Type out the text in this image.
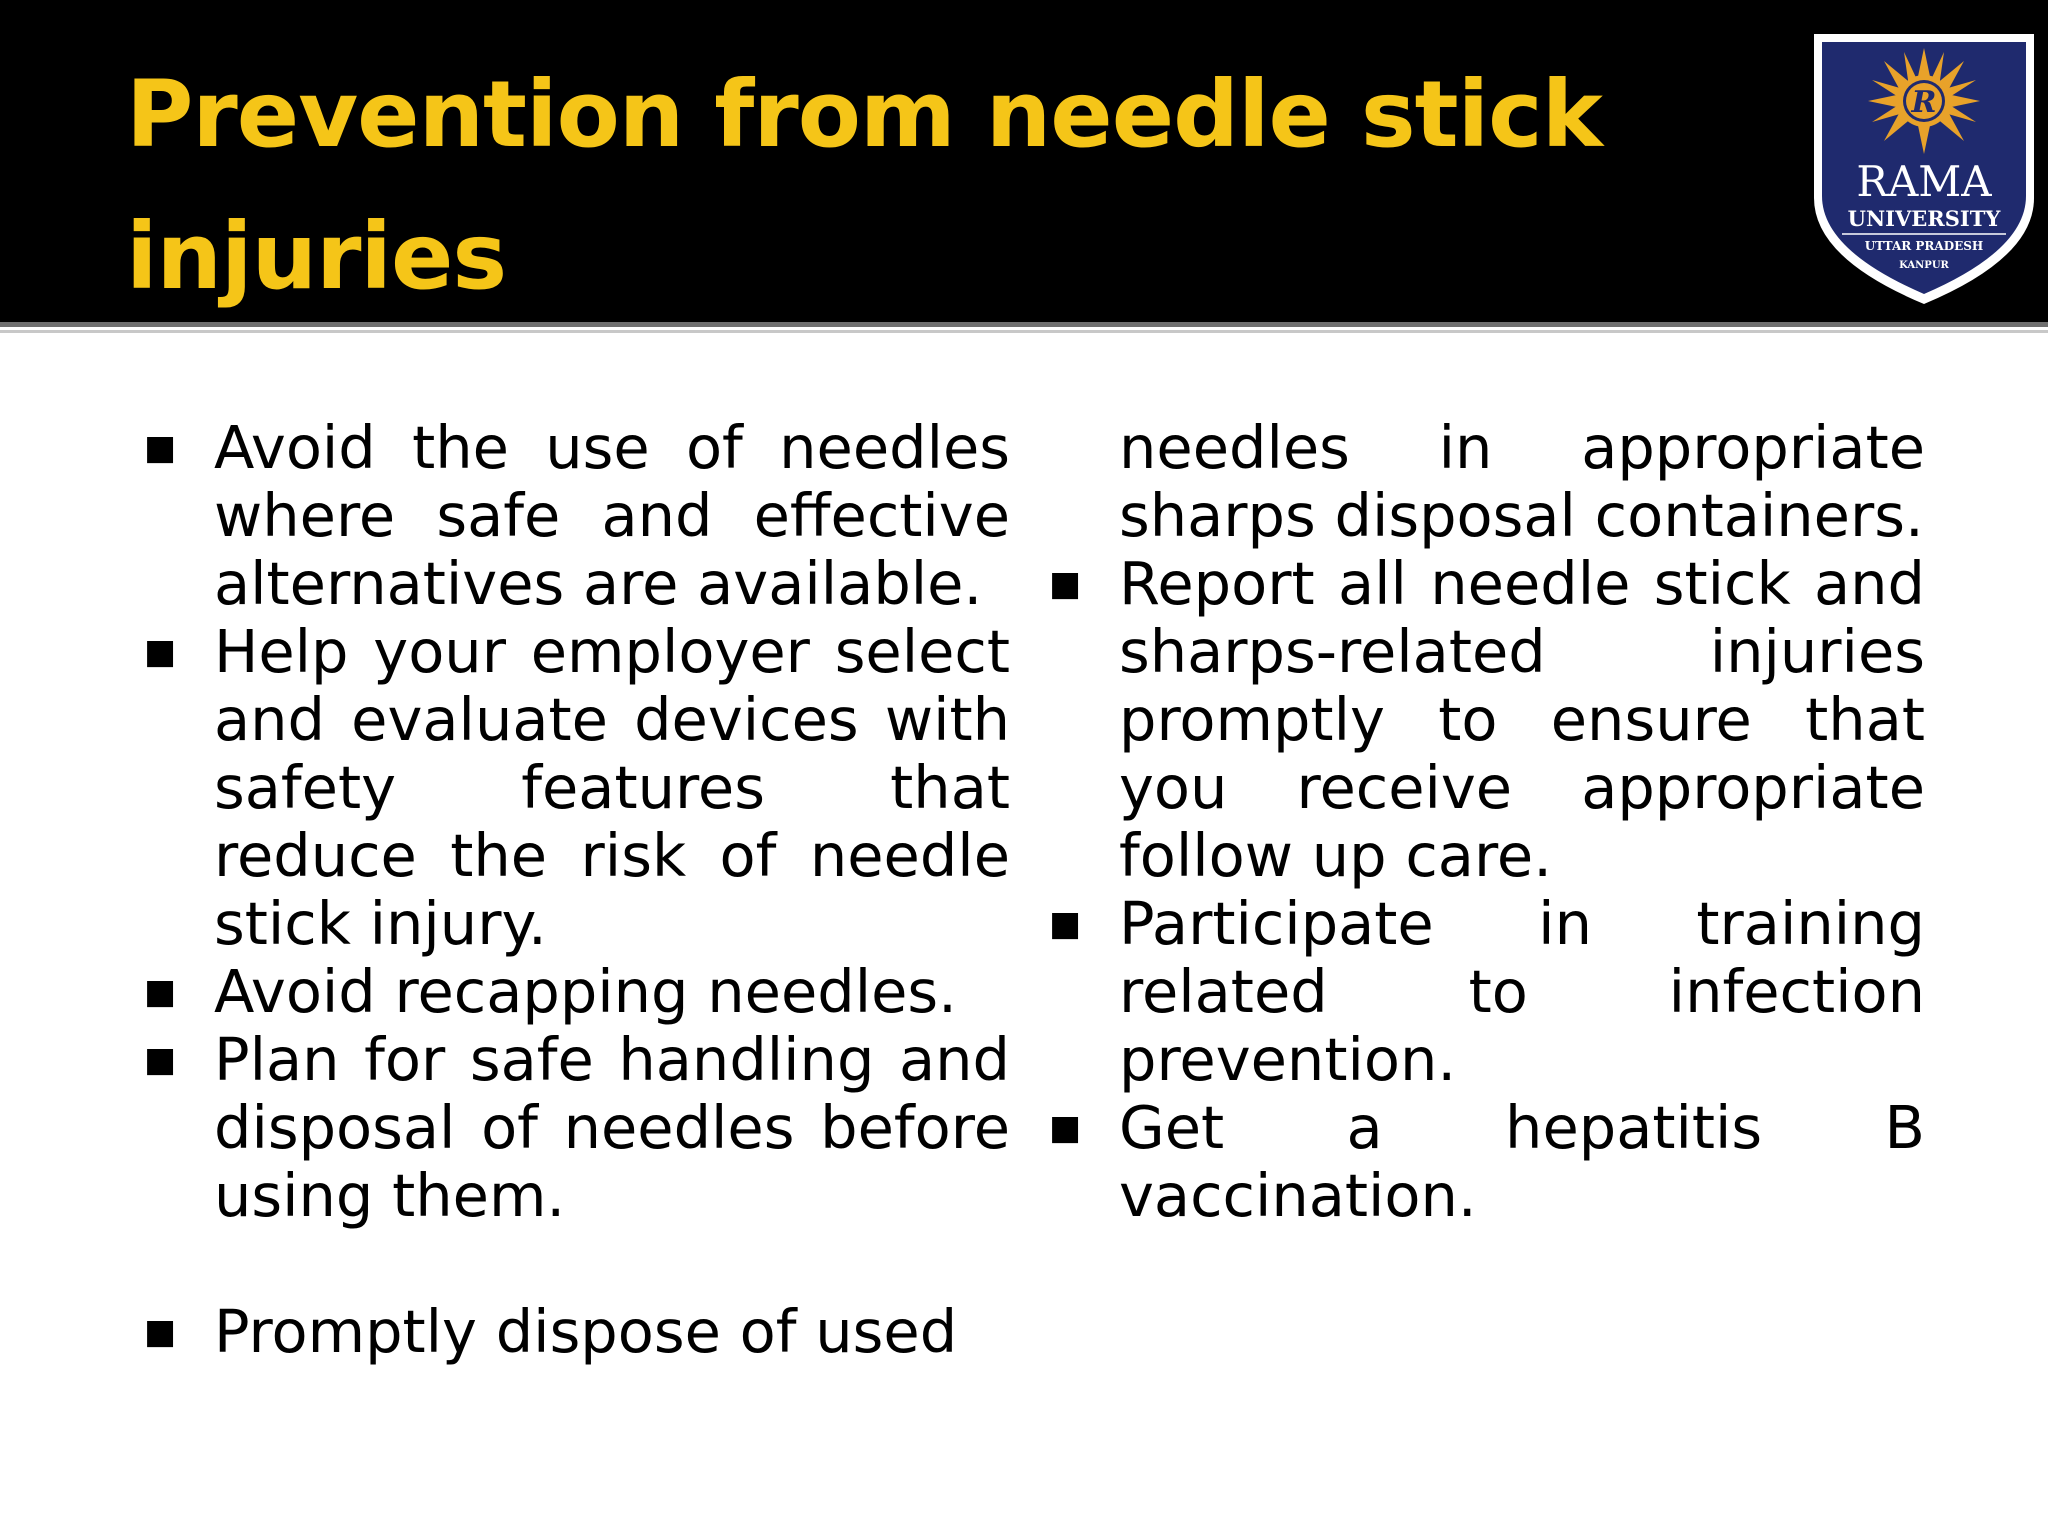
Prevention from needle stick injuries
R
RAMA
UNIVERSITY
UTTAR PRADESH
KANPUR
■ Avoid the use of needles where safe and effective alternatives are available.
■ Help your employer select and evaluate devices with safety features that reduce the risk of needle stick injury.
■ Avoid recapping needles.
■ Plan for safe handling and disposal of needles before using them.
■ Promptly dispose of used
needles in appropriate sharps disposal containers.
■ Report all needle stick and sharps-related injuries promptly to ensure that you receive appropriate follow up care.
■ Participate in training related to infection prevention.
■ Get a hepatitis B vaccination.
